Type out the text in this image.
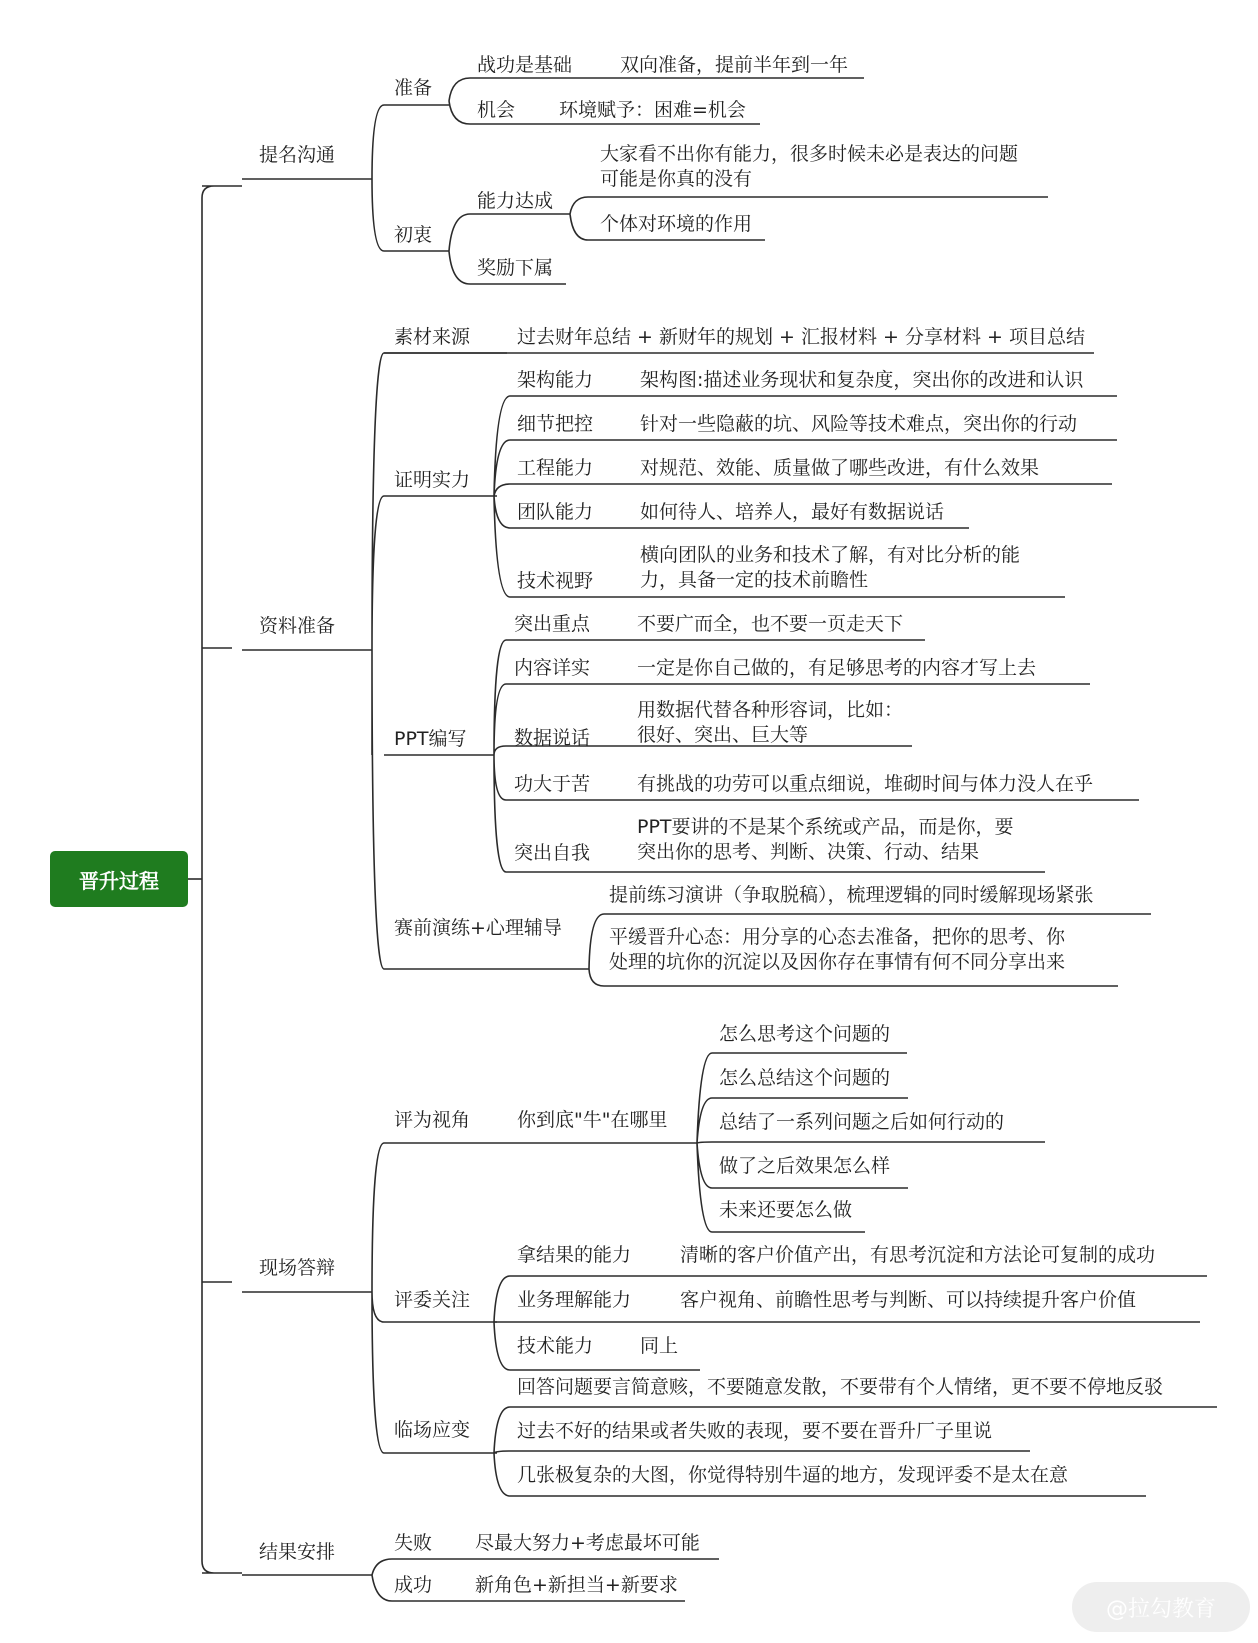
晋升过程
提名沟通
资料准备
现场答辩
结果安排
准备
战功是基础	双向准备，提前半年到一年
机会 环境赋予：困难=机会
初衷
能力达成
大家看不出你有能力，很多时候未必是表达的问题
可能是你真的没有
个体对环境的作用
奖励下属
素材来源 过去财年总结 + 新财年的规划 + 汇报材料 + 分享材料 + 项目总结
证明实力
架构能力 架构图:描述业务现状和复杂度，突出你的改进和认识
细节把控 针对一些隐蔽的坑、风险等技术难点，突出你的行动
工程能力 对规范、效能、质量做了哪些改进，有什么效果
团队能力 如何待人、培养人，最好有数据说话
技术视野
横向团队的业务和技术了解，有对比分析的能
力，具备一定的技术前瞻性
PPT编写
突出重点 不要广而全，也不要一页走天下
内容详实 一定是你自己做的，有足够思考的内容才写上去
数据说话
用数据代替各种形容词，比如：
很好、突出、巨大等
功大于苦 有挑战的功劳可以重点细说，堆砌时间与体力没人在乎
突出自我
PPT要讲的不是某个系统或产品，而是你，要
突出你的思考、判断、决策、行动、结果
赛前演练+心理辅导
提前练习演讲（争取脱稿），梳理逻辑的同时缓解现场紧张
平缓晋升心态：用分享的心态去准备，把你的思考、你
处理的坑你的沉淀以及因你存在事情有何不同分享出来
评为视角 你到底"牛"在哪里
怎么思考这个问题的
怎么总结这个问题的
总结了一系列问题之后如何行动的
做了之后效果怎么样
未来还要怎么做
评委关注
拿结果的能力	清晰的客户价值产出，有思考沉淀和方法论可复制的成功
业务理解能力	客户视角、前瞻性思考与判断、可以持续提升客户价值
技术能力 同上
临场应变
回答问题要言简意赅，不要随意发散，不要带有个人情绪，更不要不停地反驳
过去不好的结果或者失败的表现，要不要在晋升厂子里说
几张极复杂的大图，你觉得特别牛逼的地方，发现评委不是太在意
失败 尽最大努力+考虑最坏可能
成功 新角色+新担当+新要求
@拉勾教育
